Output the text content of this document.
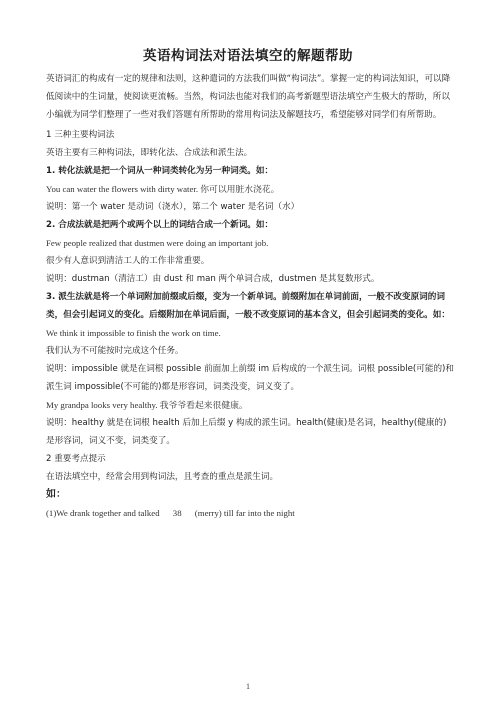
英语构词法对语法填空的解题帮助

英语词汇的构成有一定的规律和法则，这种遣词的方法我们叫做“构词法”。掌握一定的构词法知识，可以降低阅读中的生词量，使阅读更流畅。当然，构词法也能对我们的高考新题型语法填空产生极大的帮助，所以小编就为同学们整理了一些对我们答题有所帮助的常用构词法及解题技巧，希望能够对同学们有所帮助。

1 三种主要构词法

英语主要有三种构词法，即转化法、合成法和派生法。

1. 转化法就是把一个词从一种词类转化为另一种词类。如：

You can water the flowers with dirty water. 你可以用脏水浇花。

说明：第一个 water 是动词（浇水），第二个 water 是名词（水）

2. 合成法就是把两个或两个以上的词结合成一个新词。如：

Few people realized that dustmen were doing an important job.

很少有人意识到清洁工人的工作非常重要。

说明：dustman（清洁工）由 dust 和 man 两个单词合成，dustmen 是其复数形式。

3. 派生法就是将一个单词附加前缀或后缀，变为一个新单词。前缀附加在单词前面，一般不改变原词的词类，但会引起词义的变化。后缀附加在单词后面，一般不改变原词的基本含义，但会引起词类的变化。如：

We think it impossible to finish the work on time.

我们认为不可能按时完成这个任务。

说明：impossible 就是在词根 possible 前面加上前缀 im 后构成的一个派生词。词根 possible(可能的)和派生词 impossible(不可能的)都是形容词，词类没变，词义变了。

My grandpa looks very healthy. 我爷爷看起来很健康。

说明：healthy 就是在词根 health 后加上后缀 y 构成的派生词。health(健康)是名词，healthy(健康的)是形容词，词义不变，词类变了。

2 重要考点提示

在语法填空中，经常会用到构词法，且考查的重点是派生词。

如：

(1)We drank together and talked      38      (merry) till far into the night

1
